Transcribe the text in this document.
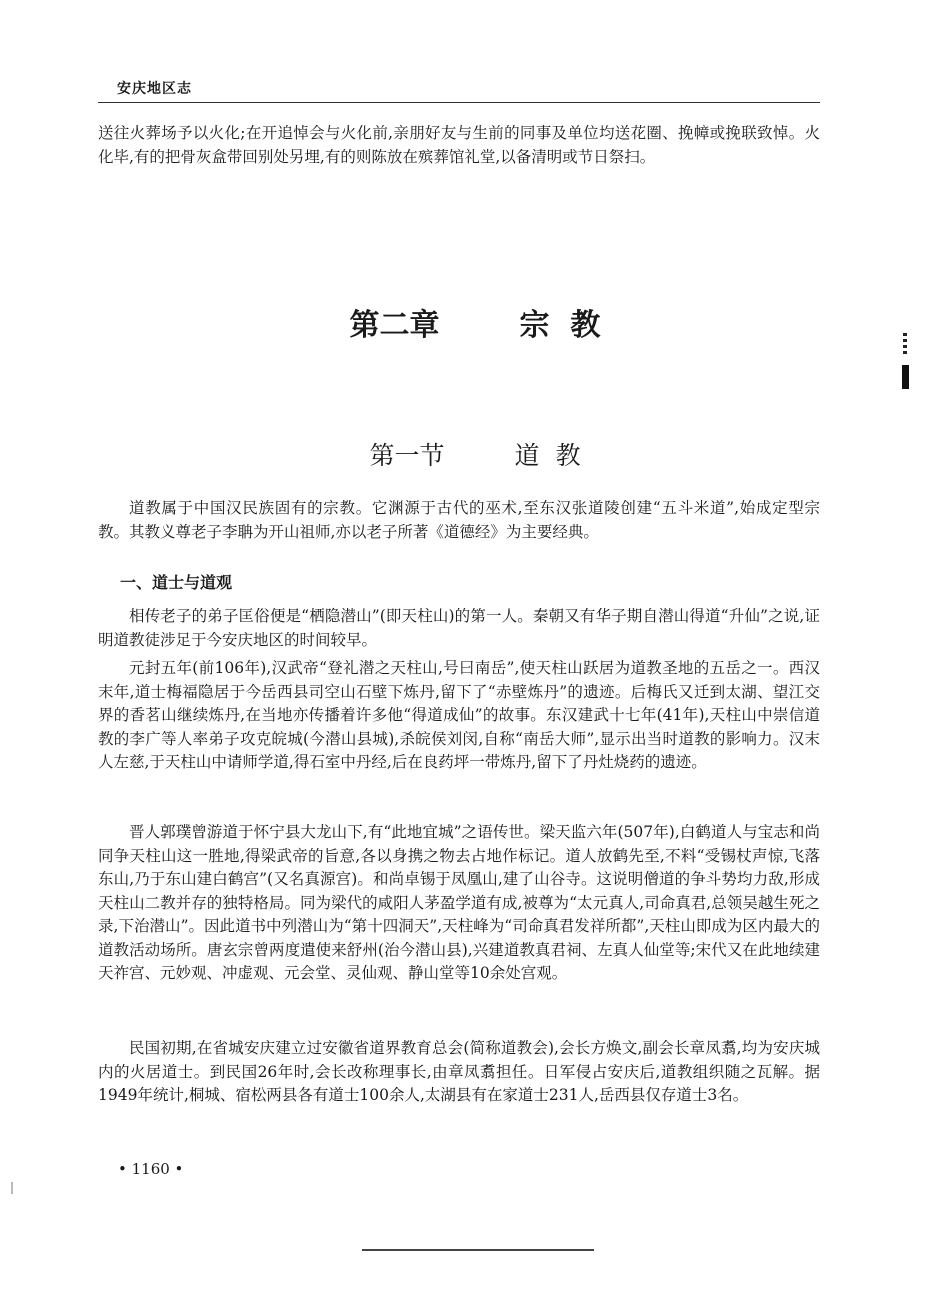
安庆地区志

送往火葬场予以火化;在开追悼会与火化前,亲朋好友与生前的同事及单位均送花圈、挽幛或挽联致悼。火化毕,有的把骨灰盒带回别处另埋,有的则陈放在殡葬馆礼堂,以备清明或节日祭扫。

第二章	宗  教
第一节	道  教

道教属于中国汉民族固有的宗教。它渊源于古代的巫术,至东汉张道陵创建“五斗米道”,始成定型宗教。其教义尊老子李聃为开山祖师,亦以老子所著《道德经》为主要经典。

一、道士与道观

相传老子的弟子匡俗便是“栖隐潜山”(即天柱山)的第一人。秦朝又有华子期自潜山得道“升仙”之说,证明道教徒涉足于今安庆地区的时间较早。

元封五年(前106年),汉武帝“登礼潜之天柱山,号曰南岳”,使天柱山跃居为道教圣地的五岳之一。西汉末年,道士梅福隐居于今岳西县司空山石壁下炼丹,留下了“赤壁炼丹”的遗迹。后梅氏又迁到太湖、望江交界的香茗山继续炼丹,在当地亦传播着许多他“得道成仙”的故事。东汉建武十七年(41年),天柱山中崇信道教的李广等人率弟子攻克皖城(今潜山县城),杀皖侯刘闵,自称“南岳大师”,显示出当时道教的影响力。汉末人左慈,于天柱山中请师学道,得石室中丹经,后在良药坪一带炼丹,留下了丹灶烧药的遗迹。

晋人郭璞曾游道于怀宁县大龙山下,有“此地宜城”之语传世。梁天监六年(507年),白鹤道人与宝志和尚同争天柱山这一胜地,得梁武帝的旨意,各以身携之物去占地作标记。道人放鹤先至,不料“受锡杖声惊,飞落东山,乃于东山建白鹤宫”(又名真源宫)。和尚卓锡于凤凰山,建了山谷寺。这说明僧道的争斗势均力敌,形成天柱山二教并存的独特格局。同为梁代的咸阳人茅盈学道有成,被尊为“太元真人,司命真君,总领吴越生死之录,下治潜山”。因此道书中列潜山为“第十四洞天”,天柱峰为“司命真君发祥所都”,天柱山即成为区内最大的道教活动场所。唐玄宗曾两度遣使来舒州(治今潜山县),兴建道教真君祠、左真人仙堂等;宋代又在此地续建天祚宫、元妙观、冲虚观、元会堂、灵仙观、静山堂等10余处宫观。

民国初期,在省城安庆建立过安徽省道界教育总会(简称道教会),会长方焕文,副会长章凤翥,均为安庆城内的火居道士。到民国26年时,会长改称理事长,由章凤翥担任。日军侵占安庆后,道教组织随之瓦解。据1949年统计,桐城、宿松两县各有道士100余人,太湖县有在家道士231人,岳西县仅存道士3名。

• 1160 •
